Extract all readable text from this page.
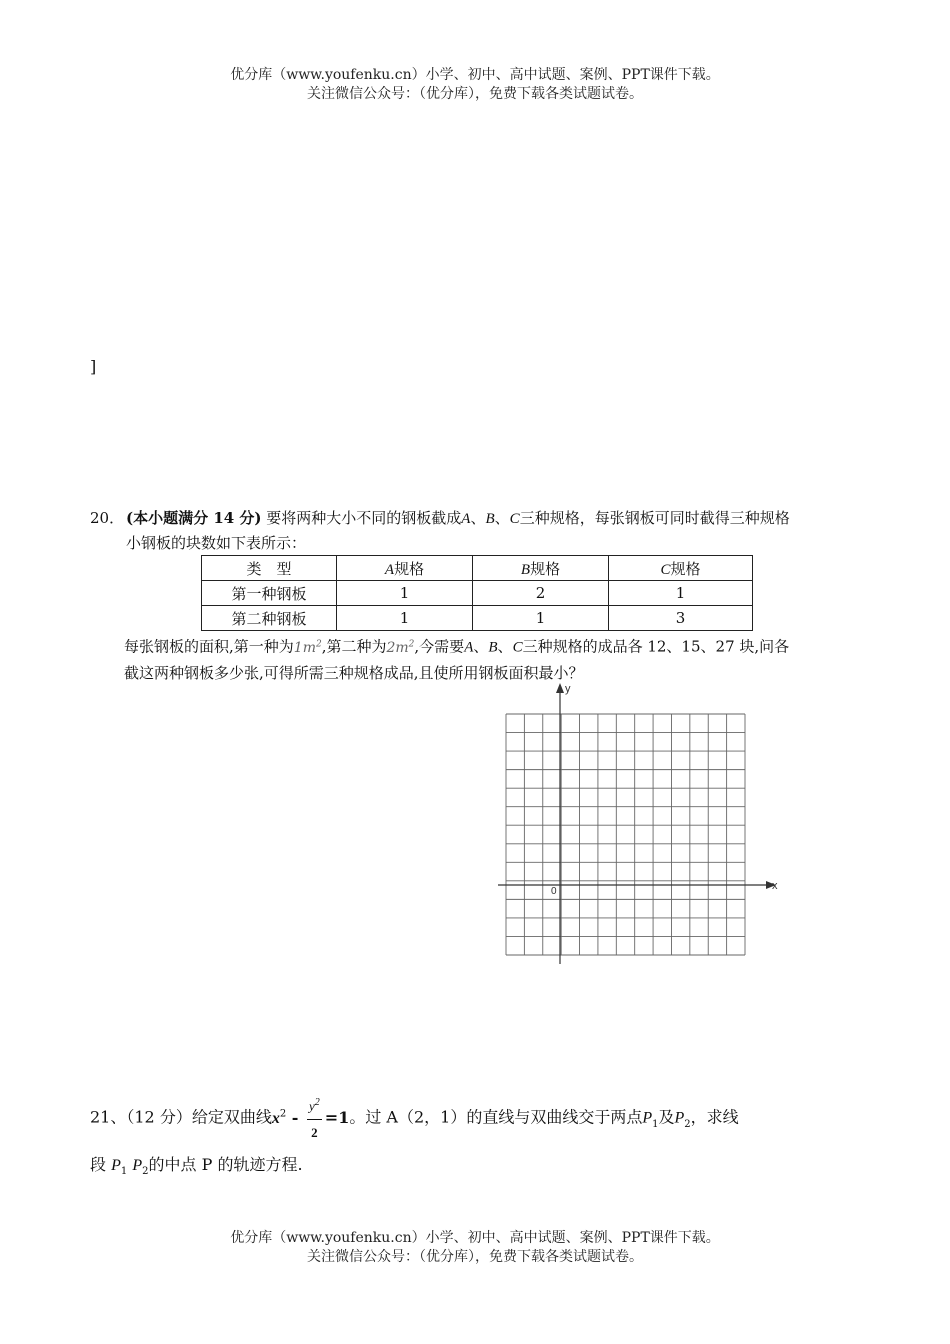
优分库（www.youfenku.cn）小学、初中、高中试题、案例、PPT课件下载。
关注微信公众号：（优分库），免费下载各类试题试卷。
]
20． (本小题满分 14 分) 要将两种大小不同的钢板截成A、B、C三种规格，每张钢板可同时截得三种规格
小钢板的块数如下表所示：
类　型	A规格	B规格	C规格
第一种钢板	1	2	1
第二种钢板	1	1	3
每张钢板的面积,第一种为$1m^2$,第二种为$2m^2$,今需要A、B、C三种规格的成品各 12、15、27 块,问各
截这两种钢板多少张,可得所需三种规格成品,且使所用钢板面积最小？
x
y
0
21、（12 分）给定双曲线$x^2 - \frac{y^2}{2} =1$。过 A（2，1）的直线与双曲线交于两点$P_1$及$P_2$，求线
段 $P_1$ $P_2$的中点 P 的轨迹方程.
优分库（www.youfenku.cn）小学、初中、高中试题、案例、PPT课件下载。
关注微信公众号：（优分库），免费下载各类试题试卷。
